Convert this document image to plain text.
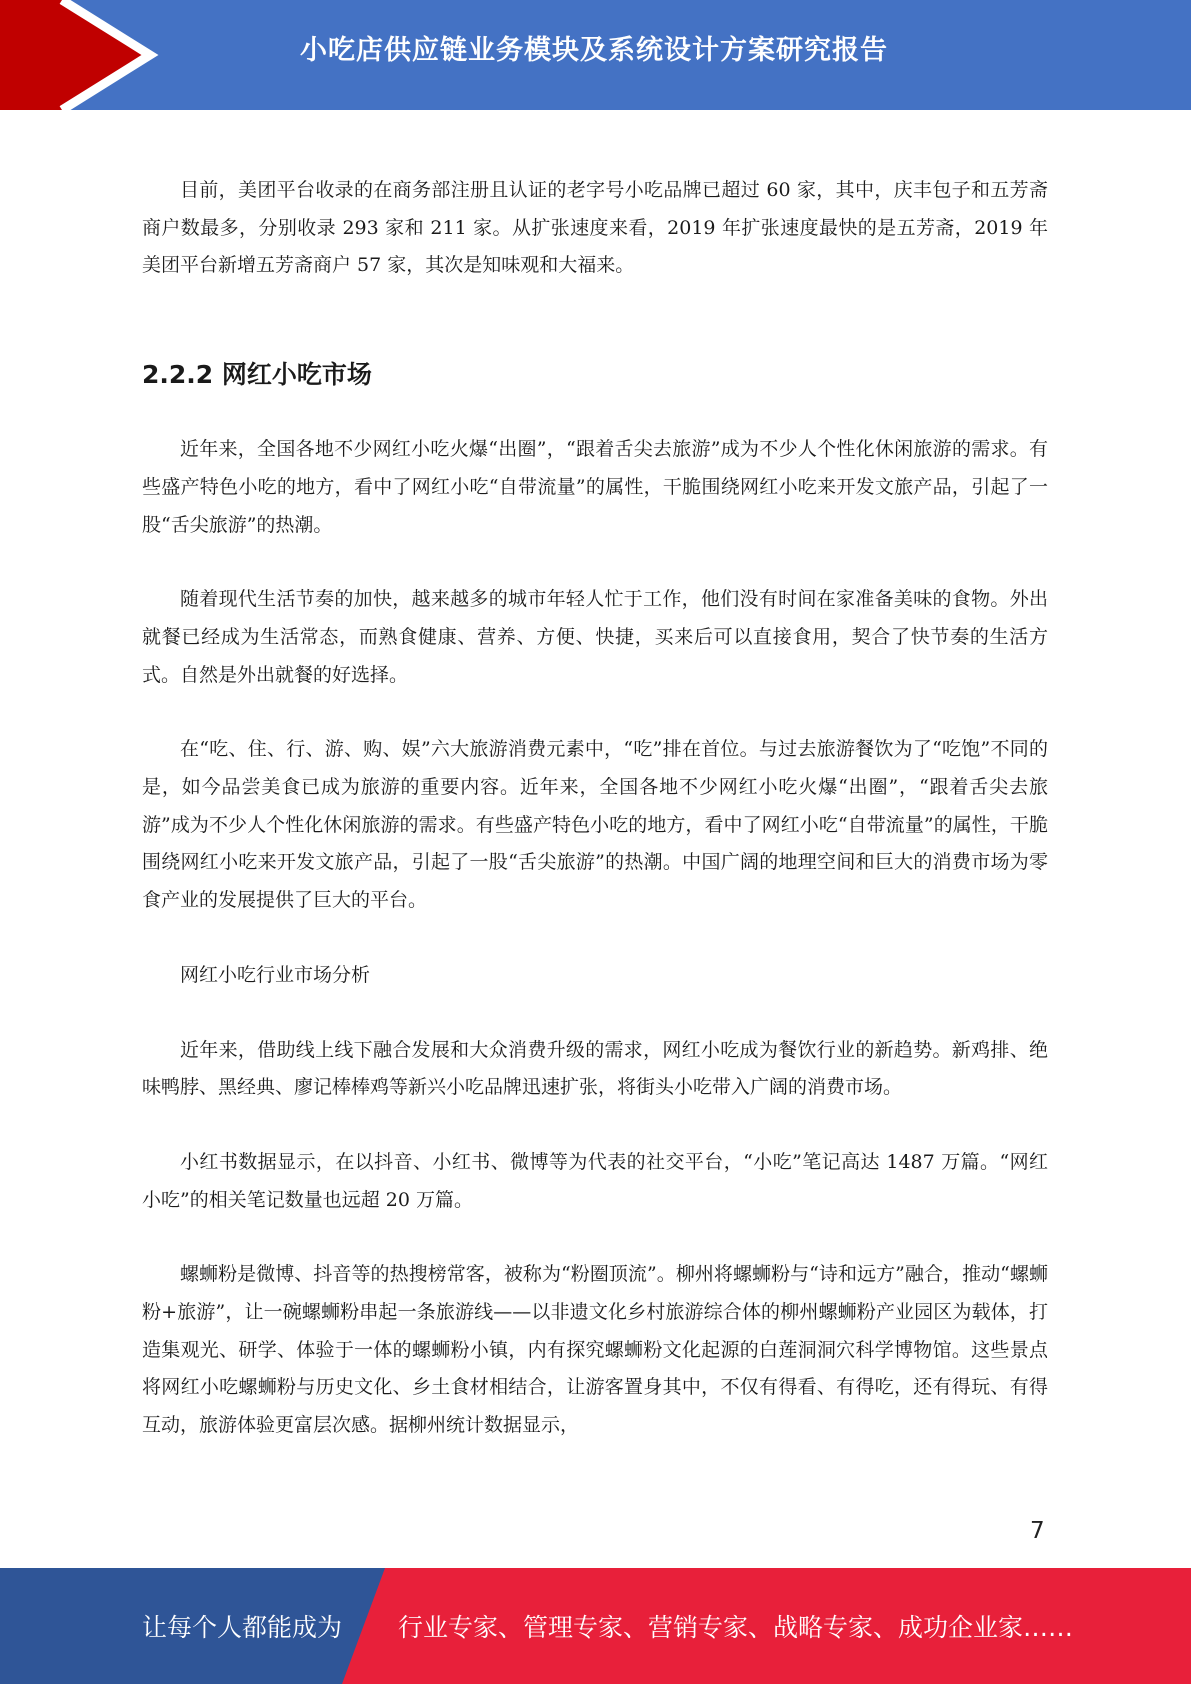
小吃店供应链业务模块及系统设计方案研究报告

目前，美团平台收录的在商务部注册且认证的老字号小吃品牌已超过 60 家，其中，庆丰包子和五芳斋商户数最多，分别收录 293 家和 211 家。从扩张速度来看，2019 年扩张速度最快的是五芳斋，2019 年美团平台新增五芳斋商户 57 家，其次是知味观和大福来。

2.2.2 网红小吃市场

近年来，全国各地不少网红小吃火爆“出圈”，“跟着舌尖去旅游”成为不少人个性化休闲旅游的需求。有些盛产特色小吃的地方，看中了网红小吃“自带流量”的属性，干脆围绕网红小吃来开发文旅产品，引起了一股“舌尖旅游”的热潮。

随着现代生活节奏的加快，越来越多的城市年轻人忙于工作，他们没有时间在家准备美味的食物。外出就餐已经成为生活常态，而熟食健康、营养、方便、快捷，买来后可以直接食用，契合了快节奏的生活方式。自然是外出就餐的好选择。

在“吃、住、行、游、购、娱”六大旅游消费元素中，“吃”排在首位。与过去旅游餐饮为了“吃饱”不同的是，如今品尝美食已成为旅游的重要内容。近年来，全国各地不少网红小吃火爆“出圈”，“跟着舌尖去旅游”成为不少人个性化休闲旅游的需求。有些盛产特色小吃的地方，看中了网红小吃“自带流量”的属性，干脆围绕网红小吃来开发文旅产品，引起了一股“舌尖旅游”的热潮。中国广阔的地理空间和巨大的消费市场为零食产业的发展提供了巨大的平台。

网红小吃行业市场分析

近年来，借助线上线下融合发展和大众消费升级的需求，网红小吃成为餐饮行业的新趋势。新鸡排、绝味鸭脖、黑经典、廖记棒棒鸡等新兴小吃品牌迅速扩张，将街头小吃带入广阔的消费市场。

小红书数据显示，在以抖音、小红书、微博等为代表的社交平台，“小吃”笔记高达 1487 万篇。“网红小吃”的相关笔记数量也远超 20 万篇。

螺蛳粉是微博、抖音等的热搜榜常客，被称为“粉圈顶流”。柳州将螺蛳粉与“诗和远方”融合，推动“螺蛳粉+旅游”，让一碗螺蛳粉串起一条旅游线——以非遗文化乡村旅游综合体的柳州螺蛳粉产业园区为载体，打造集观光、研学、体验于一体的螺蛳粉小镇，内有探究螺蛳粉文化起源的白莲洞洞穴科学博物馆。这些景点将网红小吃螺蛳粉与历史文化、乡土食材相结合，让游客置身其中，不仅有得看、有得吃，还有得玩、有得互动，旅游体验更富层次感。据柳州统计数据显示，

7
让每个人都能成为 行业专家、管理专家、营销专家、战略专家、成功企业家……
